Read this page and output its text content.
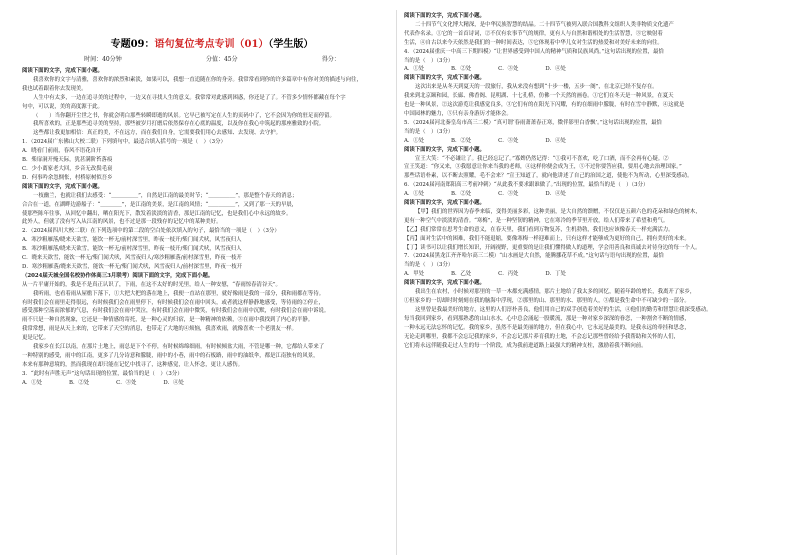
专题09：语句复位考点专训（01）（学生版）
时间：40分钟	分值：45分	得分：

阅读下面的文字，完成下面小题。

我喜欢你的文字与清雅，喜欢你的浓烈和素淡，如果可以，我想一直追随在你的身旁。我常常看到你的许多篇章中有你对美的描述与向往，

我也试着跟着你去发现美。

人生中有太多，一边在追寻美的过程中，一边又在寻找人生的意义。我常常对此感到困惑，你还是了了。不管多少情怀都藏在每个字

句中，可以说，美的高度源于此。

（　　）当你翻开尘世之书，你就会明白那些转瞬即逝的风景。它早已被写定在人生的页码中了，它不会因为你的驻足而停留。

我所喜欢的，正是那些追寻美的坚持，那些被岁月打磨后依然保存在心底的温度，以及你在我心中筑起的那座雅致的小院。

这些都让我更加相信：真正的美，不在远方，而在我们自身，它需要我们用心去感知、去发现、去守护。

1．（2024届广东佛山大校二联）下列填句中，最适合填入括号的一项是（　）（3分）

A．晓看门前雨，春风不语花自开

B．柴扉洞开掩天际，犹甚满阶苔落痕

C．少小离家老大回，乡音无改鬓毛衰

D．何事吟余忽惆怅，村桥原树似吾乡

阅读下面的文字，完成下面小题。

一枝幽兰，也就让我们去感受：“＿＿＿＿＿”，自然是江南的最美时节；“＿＿＿＿＿”，那是整个春天的消息；

合合在一道，在湖畔边游船子：“＿＿＿＿”，是江南的美景，是江南的风情；“＿＿＿＿＿”，又到了那一天的早晨，

使那些陈年往事，从回忆中翻出，晒在阳光下，散发着淡淡的清香，那是江南的记忆，也是我们心中永远的故乡。

此外人，但就了没有写入从江南的风景，也不过是那一段残存的记忆中的某种美好。

2．（2024届四川大校二联）在下列选项中的第二段的空白处依次填入的句子，最恰当的一项是（　）（3分）

A．寒沙粗雁落/晓来天欲雪，能饮一杯无/前村深雪里，昨夜一枝开/柴门闻犬吠，风雪夜归人

B．寒沙粗雁落/晓来天欲雪，能饮一杯无/前村深雪里，昨夜一枝开/柴门闻犬吠，风雪夜归人

C．晓来天欲雪，能饮一杯无/柴门闻犬吠，风雪夜归人/寒沙粗雁落/前村深雪里，昨夜一枝开

D．寒沙粗雁落/晓来天欲雪，能饮一杯无/柴门闻犬吠，风雪夜归人/前村深雪里，昨夜一枝开

（2024届天城全国名校协作体高三3月联考）阅读下面的文字，完成下面小题。

从一片平庸开始的，我是不是真正认识了，下雨，在这不太好的时光里，给人一种安慰，“春雨惊春清谷天”。

我听雨，也看着雨从屋檐下落下，①大把大把的落在地上，我便一直站在那里，就好像雨是我的一部分，我和雨都在等待。

有时我们会在雨里走得很远，有时候我们会在雨里停下，有时候我们会在雨中回头，或者就这样静静地感受，等待雨的②停止，

感受那种空荡而浓郁的气息，有时我们会在雨中哭泣，有时我们会在雨中微笑，有时我们会在雨中沉默，有时我们会在雨中诉说。

雨不只是一种自然现象，它还是一种情感的寄托，是一种心灵的归宿，是一种精神的依赖，③在雨中我找到了内心的平静。

我常常想，雨是从天上来的，它带来了天空的消息，也带走了大地的④烦恼，我喜欢雨，就像喜欢一个老朋友一样。

更是记忆。

我家乡在长江以南，在那片土地上，雨总是下个不停，有时候绵绵细雨，有时候倾盆大雨，不管是哪一种，它都给人带来了

一种特别的感受，雨中的江南，更多了几分诗意和朦胧，雨中的小巷，雨中的石板路，雨中的油纸伞，都是江南独有的风景，

本来有那种意境的，然而我现在却只能在记忆中找寻了，这种感觉，让人怀念，更让人感伤。

3．“此时有声胜无声”这句话出现的位置，最恰当的是（　）（3分）

A．①处　　　　　B．②处　　　　　C．③处　　　　　D．④处

阅读下面的文字，完成下面小题。

二十四节气文化博大精深，是中华民族智慧的结晶。二十四节气被列入联合国教科文组织人类非物质文化遗产

代表作名录。①它的一首首诗词，②不仅有农事节气的规律，更有人与自然和谐相处的生活智慧，③它映射着

生活，④自古以来今天依然是我们的一种时间表达，⑤它体现着中华儿女对生活的热爱和对美好未来的向往。

4．（2024届重庆一中高三下期四模）“让世界感受到中国人的精神气质和民族风尚。”这句话出现的位置，最恰

当的是（　）（3分）

A．①处　　　　　B．②处　　　　　C．③处　　　　　D．④处

阅读下面的文字，完成下面小题。

这次出来是从冬天到夏天的一段旅行，我从来没有想到“十步一楼，五步一阁”，在北京已经不复存在。

我来到北京颐和园，长廊、佛香阁、昆明湖、十七孔桥，仿佛一个天然的画卷。①它们在冬天是一种风景，在夏天

也是一种风景，②这次游览让我感觉良多，③它们有的在阳光下闪耀，有的在细雨中朦胧，有时在雪中静默，④这就是

中国园林的魅力，⑤只有亲身游历才能体会。

5．（2024届河北秦皇岛市高三二模）“真可谓‘春雨萧萧春正寒，微伴影里白香飘’。”这句话出现的位置，最恰

当的是（　）（3分）

A．①处　　　　　B．②处　　　　　C．③处　　　　　D．④处

阅读下面的文字，完成下面小题。

宣王大笑：“不必谦让了。我已经忘记了。”寡婢仍然记得：“①我可不喜欢，吃了口酒，而不会再有心疑。②

宣王笑道：“你又来，③我愿意让你来当我的老师，④这样你便会成为王，⑤不过你要答应我，要用心地去治理国家。”

那些话语朴素，以不断去照耀，毛不会来？”宣王知道了，就向他讲述了自己的治国之道，使他不为所动，心里深受感动。

6．（2024届河南郑阳高三考前冲刺）“从此我不要求跟谁做了。”出现的位置，最恰当的是（　）（3分）

A．①处　　　　　B．②处　　　　　C．③处　　　　　D．④处

阅读下面的文字，完成下面小题。

【甲】我们的世界因为春季来临，变得美丽多彩，这种美丽，是大自然的馈赠，不仅仅是五颜六色的花朵和绿色的树木，

更有一种空气中淡淡的清香。“寒梅”，是一种坚韧的精神，它在寒冷的季节里开放，给人们带来了希望和勇气。

【乙】我们常常在思考生命的意义，在春天里，我们看到万物复苏，生机勃勃，我们也应该像春天一样充满活力。

【丙】面对生活中的困难，我们不能退缩，要像寒梅一样迎难而上，只有这样才能够成为更好的自己，拥有美好的未来。

【丁】读书可以让我们增长知识，开阔视野，更重要的是让我们懂得做人的道理，学会用善良和真诚去对待身边的每一个人。

7．（2024届黑龙江齐齐哈尔高三二模）“山水画是大自然，能腾挪花草不成。”这句话与语句出现的位置，最恰

当的是（　）（3分）

A．甲处　　　　　B．乙处　　　　　C．丙处　　　　　D．丁处

阅读下面的文字，完成下面小题。

我出生在农村，小时候对那里的一草一木都充满感情，那片土地给了我太多的回忆，随着年龄的增长，我离开了家乡，

①但家乡的一切却时时刻刻在我的脑海中浮现，②那里的山、那里的水、那里的人，③都是我生命中不可缺少的一部分。

这里曾是我最美好的地方，这里的人们淳朴善良，他们用自己的双手创造着美好的生活，④他们的勤劳和智慧让我深受感动。

每当我回到家乡，看到那熟悉的山山水水，心中总会涌起一股暖流，那是一种对家乡深深的眷恋，一种割舍不断的情感，

一种永远无法忘怀的记忆。我的家乡，虽然不是最美丽的地方，但在我心中，它永远是最美的，是我永远的牵挂和思念，

无论走到哪里，我都不会忘记我的家乡，不会忘记那片养育我的土地，不会忘记那些曾经给予我帮助和关怀的人们，

它们将永远伴随我走过人生的每一个阶段，成为我前进道路上最强大的精神支柱，激励着我不断向前。
